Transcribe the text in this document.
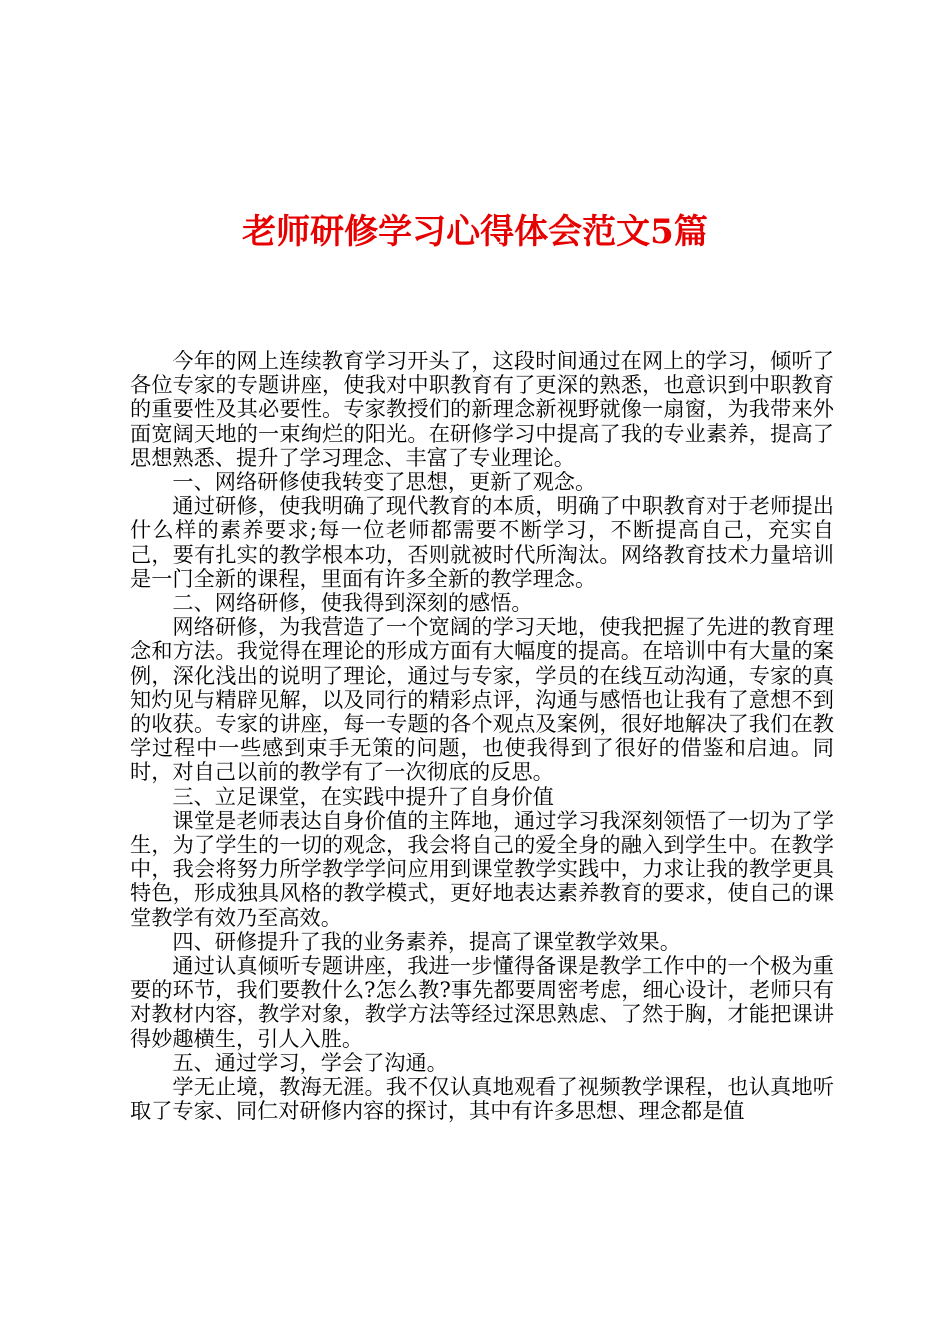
老师研修学习心得体会范文5篇

今年的网上连续教育学习开头了，这段时间通过在网上的学习，倾听了各位专家的专题讲座，使我对中职教育有了更深的熟悉，也意识到中职教育的重要性及其必要性。专家教授们的新理念新视野就像一扇窗，为我带来外面宽阔天地的一束绚烂的阳光。在研修学习中提高了我的专业素养，提高了思想熟悉、提升了学习理念、丰富了专业理论。

一、网络研修使我转变了思想，更新了观念。

通过研修，使我明确了现代教育的本质，明确了中职教育对于老师提出什么样的素养要求;每一位老师都需要不断学习，不断提高自己，充实自己，要有扎实的教学根本功，否则就被时代所淘汰。网络教育技术力量培训是一门全新的课程，里面有许多全新的教学理念。

二、网络研修，使我得到深刻的感悟。

网络研修，为我营造了一个宽阔的学习天地，使我把握了先进的教育理念和方法。我觉得在理论的形成方面有大幅度的提高。在培训中有大量的案例，深化浅出的说明了理论，通过与专家，学员的在线互动沟通，专家的真知灼见与精辟见解，以及同行的精彩点评，沟通与感悟也让我有了意想不到的收获。专家的讲座，每一专题的各个观点及案例，很好地解决了我们在教学过程中一些感到束手无策的问题，也使我得到了很好的借鉴和启迪。同时，对自己以前的教学有了一次彻底的反思。

三、立足课堂，在实践中提升了自身价值

课堂是老师表达自身价值的主阵地，通过学习我深刻领悟了一切为了学生，为了学生的一切的观念，我会将自己的爱全身的融入到学生中。在教学中，我会将努力所学教学学问应用到课堂教学实践中，力求让我的教学更具特色，形成独具风格的教学模式，更好地表达素养教育的要求，使自己的课堂教学有效乃至高效。

四、研修提升了我的业务素养，提高了课堂教学效果。

通过认真倾听专题讲座，我进一步懂得备课是教学工作中的一个极为重要的环节，我们要教什么?怎么教?事先都要周密考虑，细心设计，老师只有对教材内容，教学对象，教学方法等经过深思熟虑、了然于胸，才能把课讲得妙趣横生，引人入胜。

五、通过学习，学会了沟通。

学无止境，教海无涯。我不仅认真地观看了视频教学课程，也认真地听取了专家、同仁对研修内容的探讨，其中有许多思想、理念都是值
